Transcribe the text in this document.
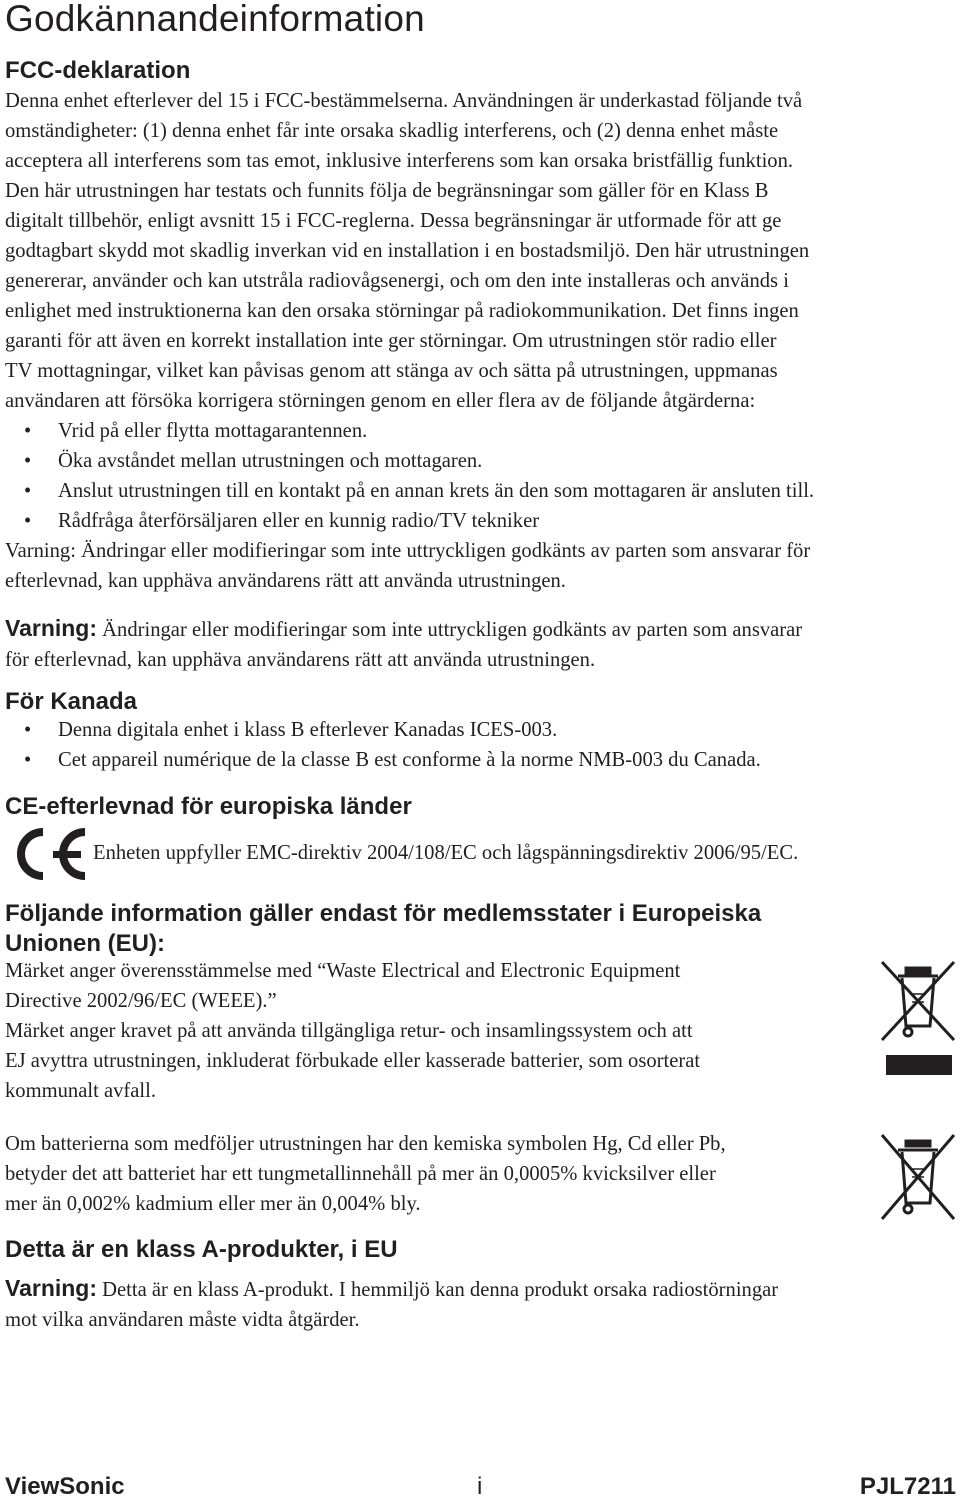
Godkännandeinformation
FCC-deklaration
Denna enhet efterlever del 15 i FCC-bestämmelserna. Användningen är underkastad följande två
omständigheter: (1) denna enhet får inte orsaka skadlig interferens, och (2) denna enhet måste
acceptera all interferens som tas emot, inklusive interferens som kan orsaka bristfällig funktion.
Den här utrustningen har testats och funnits följa de begränsningar som gäller för en Klass B
digitalt tillbehör, enligt avsnitt 15 i FCC-reglerna. Dessa begränsningar är utformade för att ge
godtagbart skydd mot skadlig inverkan vid en installation i en bostadsmiljö. Den här utrustningen
genererar, använder och kan utstråla radiovågsenergi, och om den inte installeras och används i
enlighet med instruktionerna kan den orsaka störningar på radiokommunikation. Det finns ingen
garanti för att även en korrekt installation inte ger störningar. Om utrustningen stör radio eller
TV mottagningar, vilket kan påvisas genom att stänga av och sätta på utrustningen, uppmanas
användaren att försöka korrigera störningen genom en eller flera av de följande åtgärderna:
• Vrid på eller flytta mottagarantennen.
• Öka avståndet mellan utrustningen och mottagaren.
• Anslut utrustningen till en kontakt på en annan krets än den som mottagaren är ansluten till.
• Rådfråga återförsäljaren eller en kunnig radio/TV tekniker
Varning: Ändringar eller modifieringar som inte uttryckligen godkänts av parten som ansvarar för
efterlevnad, kan upphäva användarens rätt att använda utrustningen.
Varning: Ändringar eller modifieringar som inte uttryckligen godkänts av parten som ansvarar
för efterlevnad, kan upphäva användarens rätt att använda utrustningen.
För Kanada
• Denna digitala enhet i klass B efterlever Kanadas ICES-003.
• Cet appareil numérique de la classe B est conforme à la norme NMB-003 du Canada.
CE-efterlevnad för europiska länder
Enheten uppfyller EMC-direktiv 2004/108/EC och lågspänningsdirektiv 2006/95/EC.
Följande information gäller endast för medlemsstater i Europeiska
Unionen (EU):
Märket anger överensstämmelse med “Waste Electrical and Electronic Equipment
Directive 2002/96/EC (WEEE).”
Märket anger kravet på att använda tillgängliga retur- och insamlingssystem och att
EJ avyttra utrustningen, inkluderat förbukade eller kasserade batterier, som osorterat
kommunalt avfall.
Om batterierna som medföljer utrustningen har den kemiska symbolen Hg, Cd eller Pb,
betyder det att batteriet har ett tungmetallinnehåll på mer än 0,0005% kvicksilver eller
mer än 0,002% kadmium eller mer än 0,004% bly.
Detta är en klass A-produkter, i EU
Varning: Detta är en klass A-produkt. I hemmiljö kan denna produkt orsaka radiostörningar
mot vilka användaren måste vidta åtgärder.
ViewSonic	i	PJL7211
